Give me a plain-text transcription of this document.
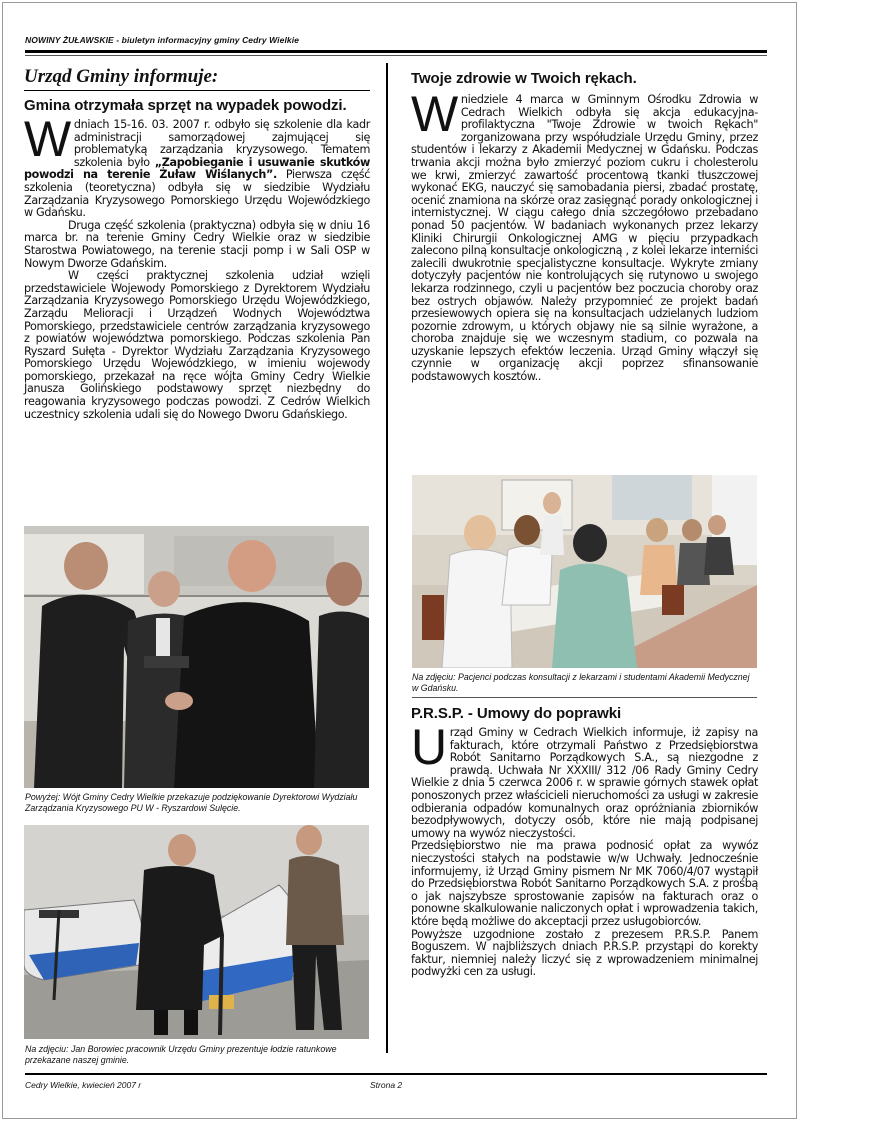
NOWINY ŻUŁAWSKIE - biuletyn informacyjny gminy Cedry Wielkie
Urząd Gminy informuje:
Gmina otrzymała sprzęt na wypadek powodzi.

Wdniach 15-16. 03. 2007 r. odbyło się szkolenie dla kadr administracji samorządowej zajmującej się problematyką zarządzania kryzysowego. Tematem szkolenia było „Zapobieganie i usuwanie skutków powodzi na terenie Żuław Wiślanych”. Pierwsza część szkolenia (teoretyczna) odbyła się w siedzibie Wydziału Zarządzania Kryzysowego Pomorskiego Urzędu Wojewódzkiego w Gdańsku.

Druga część szkolenia (praktyczna) odbyła się w dniu 16 marca br. na terenie Gminy Cedry Wielkie oraz w siedzibie Starostwa Powiatowego, na terenie stacji pomp i w Sali OSP w Nowym Dworze Gdańskim.

W części praktycznej szkolenia udział wzięli przedstawiciele Wojewody Pomorskiego z Dyrektorem Wydziału Zarządzania Kryzysowego Pomorskiego Urzędu Wojewódzkiego, Zarządu Melioracji i Urządzeń Wodnych Województwa Pomorskiego, przedstawiciele centrów zarządzania kryzysowego z powiatów województwa pomorskiego. Podczas szkolenia Pan Ryszard Sułęta - Dyrektor Wydziału Zarządzania Kryzysowego Pomorskiego Urzędu Wojewódzkiego, w imieniu wojewody pomorskiego, przekazał na ręce wójta Gminy Cedry Wielkie Janusza Golińskiego podstawowy sprzęt niezbędny do reagowania kryzysowego podczas powodzi. Z Cedrów Wielkich uczestnicy szkolenia udali się do Nowego Dworu Gdańskiego.

Powyżej: Wójt Gminy Cedry Wielkie przekazuje podziękowanie Dyrektorowi Wydziału Zarządzania Kryzysowego PU W - Ryszardowi Sulęcie.
Na zdjęciu: Jan Borowiec pracownik Urzędu Gminy prezentuje łodzie ratunkowe przekazane naszej gminie.
Twoje zdrowie w Twoich rękach.

Wniedziele 4 marca w Gminnym Ośrodku Zdrowia w Cedrach Wielkich odbyła się akcja edukacyjna-profilaktyczna "Twoje Zdrowie w twoich Rękach" zorganizowana przy współudziale Urzędu Gminy, przez studentów i lekarzy z Akademii Medycznej w Gdańsku. Podczas trwania akcji można było zmierzyć poziom cukru i cholesterolu we krwi, zmierzyć zawartość procentową tkanki tłuszczowej wykonać EKG, nauczyć się samobadania piersi, zbadać prostatę, ocenić znamiona na skórze oraz zasięgnąć porady onkologicznej i internistycznej. W ciągu całego dnia szczegółowo przebadano ponad 50 pacjentów. W badaniach wykonanych przez lekarzy Kliniki Chirurgii Onkologicznej AMG w pięciu przypadkach zalecono pilną konsultacje onkologiczną , z kolei lekarze interniści zalecili dwukrotnie specjalistyczne konsultacje. Wykryte zmiany dotyczyły pacjentów nie kontrolujących się rutynowo u swojego lekarza rodzinnego, czyli u pacjentów bez poczucia choroby oraz bez ostrych objawów. Należy przypomnieć ze projekt badań przesiewowych opiera się na konsultacjach udzielanych ludziom pozornie zdrowym, u których objawy nie są silnie wyrażone, a choroba znajduje się we wczesnym stadium, co pozwala na uzyskanie lepszych efektów leczenia. Urząd Gminy włączył się czynnie w organizację akcji poprzez sfinansowanie podstawowych kosztów..

Na zdjęciu: Pacjenci podczas konsultacji z lekarzami i studentami Akademii Medycznej w Gdańsku.
P.R.S.P. - Umowy do poprawki

Urząd Gminy w Cedrach Wielkich informuje, iż zapisy na fakturach, które otrzymali Państwo z Przedsiębiorstwa Robót Sanitarno Porządkowych S.A., są niezgodne z prawdą. Uchwała Nr XXXIII/ 312 /06 Rady Gminy Cedry Wielkie z dnia 5 czerwca 2006 r. w sprawie górnych stawek opłat ponoszonych przez właścicieli nieruchomości za usługi w zakresie odbierania odpadów komunalnych oraz opróżniania zbiorników bezodpływowych, dotyczy osób, które nie mają podpisanej umowy na wywóz nieczystości.

Przedsiębiorstwo nie ma prawa podnosić opłat za wywóz nieczystości stałych na podstawie w/w Uchwały. Jednocześnie informujemy, iż Urząd Gminy pismem Nr MK 7060/4/07 wystąpił do Przedsiębiorstwa Robót Sanitarno Porządkowych S.A. z prośbą o jak najszybsze sprostowanie zapisów na fakturach oraz o ponowne skalkulowanie naliczonych opłat i wprowadzenia takich, które będą możliwe do akceptacji przez usługobiorców.

Powyższe uzgodnione zostało z prezesem P.R.S.P. Panem Boguszem. W najbliższych dniach P.R.S.P. przystąpi do korekty faktur, niemniej należy liczyć się z wprowadzeniem minimalnej podwyżki cen za usługi.

Cedry Wielkie, kwiecień 2007 r	Strona 2
